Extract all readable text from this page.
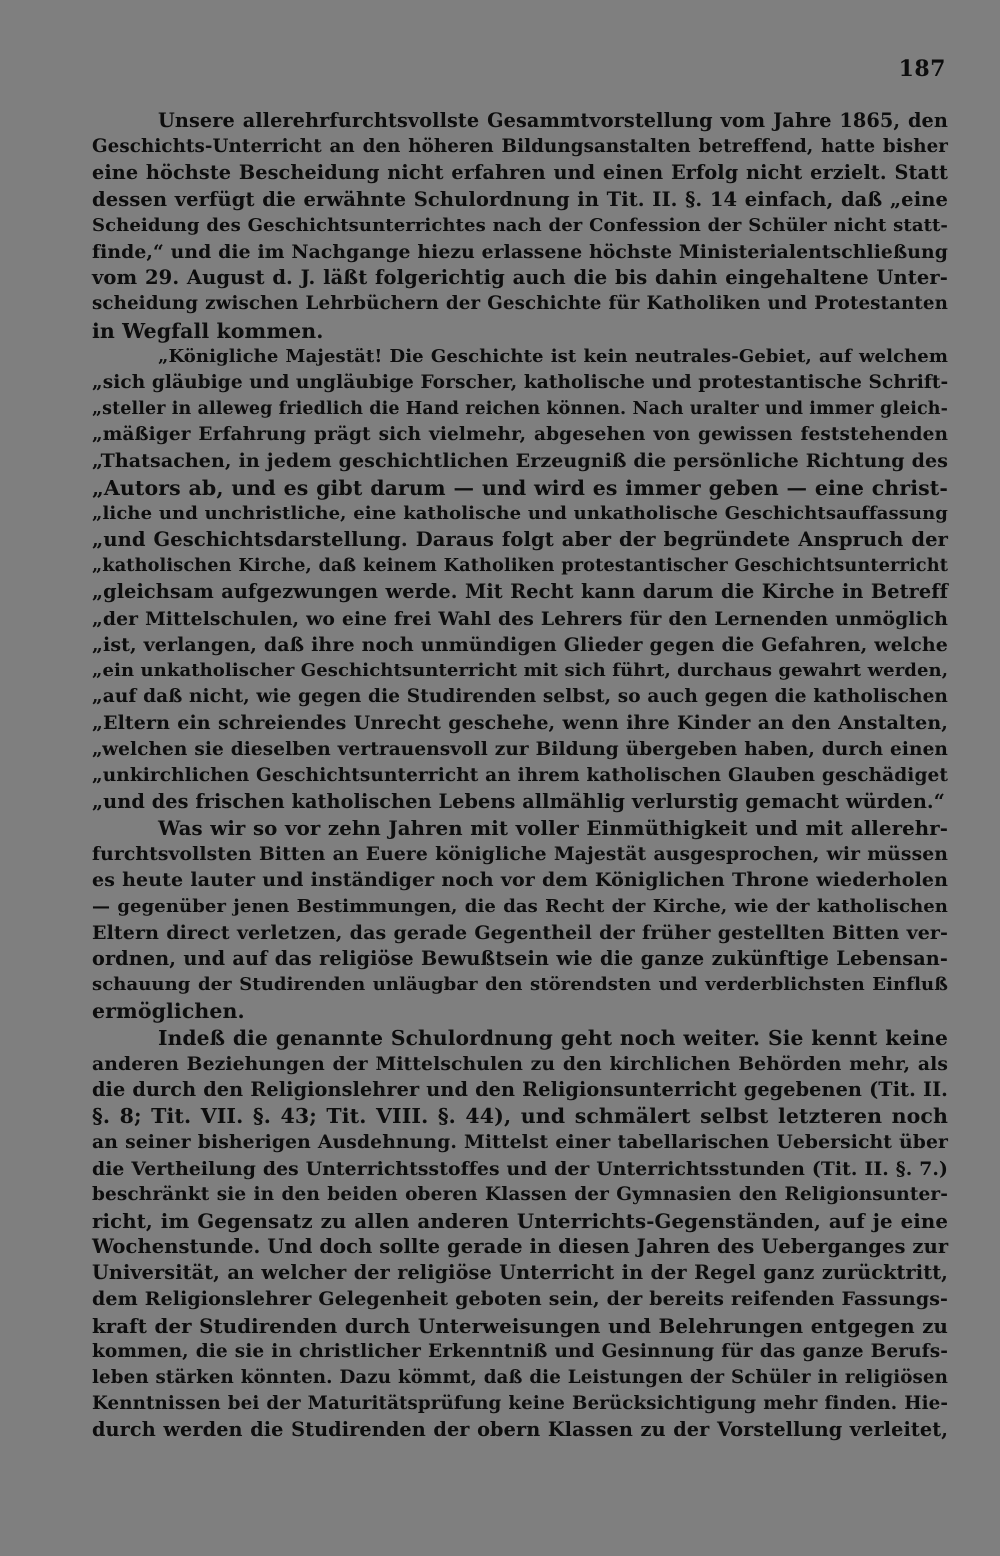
187
Unsere allerehrfurchtsvollste Gesammtvorstellung vom Jahre 1865, den
Geschichts-Unterricht an den höheren Bildungsanstalten betreffend, hatte bisher
eine höchste Bescheidung nicht erfahren und einen Erfolg nicht erzielt. Statt
dessen verfügt die erwähnte Schulordnung in Tit. II. §. 14 einfach, daß „eine
Scheidung des Geschichtsunterrichtes nach der Confession der Schüler nicht statt-
finde,“ und die im Nachgange hiezu erlassene höchste Ministerialentschließung
vom 29. August d. J. läßt folgerichtig auch die bis dahin eingehaltene Unter-
scheidung zwischen Lehrbüchern der Geschichte für Katholiken und Protestanten
in Wegfall kommen.
„Königliche Majestät! Die Geschichte ist kein neutrales-Gebiet, auf welchem
„sich gläubige und ungläubige Forscher, katholische und protestantische Schrift-
„steller in alleweg friedlich die Hand reichen können. Nach uralter und immer gleich-
„mäßiger Erfahrung prägt sich vielmehr, abgesehen von gewissen feststehenden
„Thatsachen, in jedem geschichtlichen Erzeugniß die persönliche Richtung des
„Autors ab, und es gibt darum — und wird es immer geben — eine christ-
„liche und unchristliche, eine katholische und unkatholische Geschichtsauffassung
„und Geschichtsdarstellung. Daraus folgt aber der begründete Anspruch der
„katholischen Kirche, daß keinem Katholiken protestantischer Geschichtsunterricht
„gleichsam aufgezwungen werde. Mit Recht kann darum die Kirche in Betreff
„der Mittelschulen, wo eine frei Wahl des Lehrers für den Lernenden unmöglich
„ist, verlangen, daß ihre noch unmündigen Glieder gegen die Gefahren, welche
„ein unkatholischer Geschichtsunterricht mit sich führt, durchaus gewahrt werden,
„auf daß nicht, wie gegen die Studirenden selbst, so auch gegen die katholischen
„Eltern ein schreiendes Unrecht geschehe, wenn ihre Kinder an den Anstalten,
„welchen sie dieselben vertrauensvoll zur Bildung übergeben haben, durch einen
„unkirchlichen Geschichtsunterricht an ihrem katholischen Glauben geschädiget
„und des frischen katholischen Lebens allmählig verlurstig gemacht würden.“
Was wir so vor zehn Jahren mit voller Einmüthigkeit und mit allerehr-
furchtsvollsten Bitten an Euere königliche Majestät ausgesprochen, wir müssen
es heute lauter und inständiger noch vor dem Königlichen Throne wiederholen
— gegenüber jenen Bestimmungen, die das Recht der Kirche, wie der katholischen
Eltern direct verletzen, das gerade Gegentheil der früher gestellten Bitten ver-
ordnen, und auf das religiöse Bewußtsein wie die ganze zukünftige Lebensan-
schauung der Studirenden unläugbar den störendsten und verderblichsten Einfluß
ermöglichen.
Indeß die genannte Schulordnung geht noch weiter. Sie kennt keine
anderen Beziehungen der Mittelschulen zu den kirchlichen Behörden mehr, als
die durch den Religionslehrer und den Religionsunterricht gegebenen (Tit. II.
§. 8; Tit. VII. §. 43; Tit. VIII. §. 44), und schmälert selbst letzteren noch
an seiner bisherigen Ausdehnung. Mittelst einer tabellarischen Uebersicht über
die Vertheilung des Unterrichtsstoffes und der Unterrichtsstunden (Tit. II. §. 7.)
beschränkt sie in den beiden oberen Klassen der Gymnasien den Religionsunter-
richt, im Gegensatz zu allen anderen Unterrichts-Gegenständen, auf je eine
Wochenstunde. Und doch sollte gerade in diesen Jahren des Ueberganges zur
Universität, an welcher der religiöse Unterricht in der Regel ganz zurücktritt,
dem Religionslehrer Gelegenheit geboten sein, der bereits reifenden Fassungs-
kraft der Studirenden durch Unterweisungen und Belehrungen entgegen zu
kommen, die sie in christlicher Erkenntniß und Gesinnung für das ganze Berufs-
leben stärken könnten. Dazu kömmt, daß die Leistungen der Schüler in religiösen
Kenntnissen bei der Maturitätsprüfung keine Berücksichtigung mehr finden. Hie-
durch werden die Studirenden der obern Klassen zu der Vorstellung verleitet,
